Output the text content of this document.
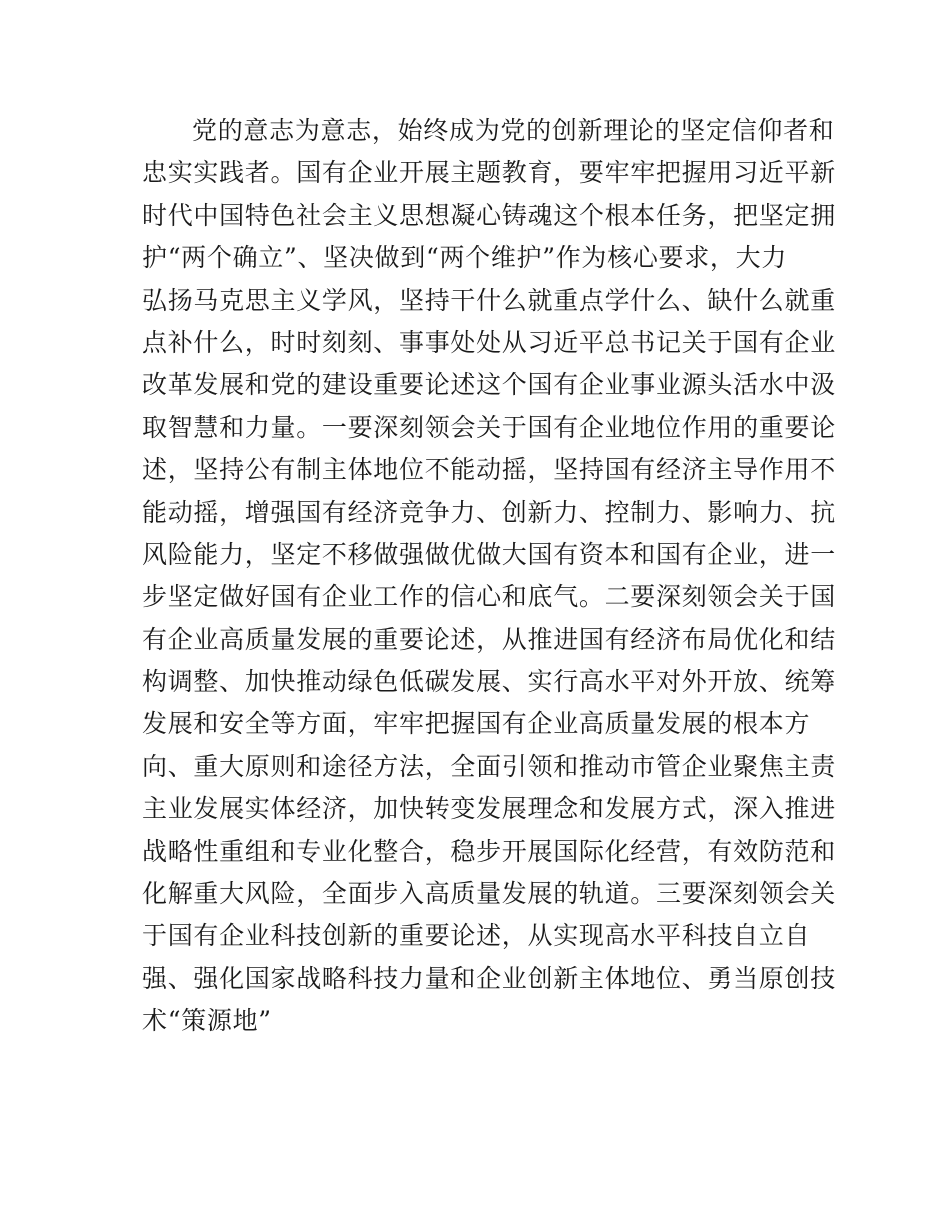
党的意志为意志，始终成为党的创新理论的坚定信仰者和
忠实实践者。国有企业开展主题教育，要牢牢把握用习近平新
时代中国特色社会主义思想凝心铸魂这个根本任务，把坚定拥
护“两个确立”、坚决做到“两个维护”作为核心要求，大力
弘扬马克思主义学风，坚持干什么就重点学什么、缺什么就重
点补什么，时时刻刻、事事处处从习近平总书记关于国有企业
改革发展和党的建设重要论述这个国有企业事业源头活水中汲
取智慧和力量。一要深刻领会关于国有企业地位作用的重要论
述，坚持公有制主体地位不能动摇，坚持国有经济主导作用不
能动摇，增强国有经济竞争力、创新力、控制力、影响力、抗
风险能力，坚定不移做强做优做大国有资本和国有企业，进一
步坚定做好国有企业工作的信心和底气。二要深刻领会关于国
有企业高质量发展的重要论述，从推进国有经济布局优化和结
构调整、加快推动绿色低碳发展、实行高水平对外开放、统筹
发展和安全等方面，牢牢把握国有企业高质量发展的根本方
向、重大原则和途径方法，全面引领和推动市管企业聚焦主责
主业发展实体经济，加快转变发展理念和发展方式，深入推进
战略性重组和专业化整合，稳步开展国际化经营，有效防范和
化解重大风险，全面步入高质量发展的轨道。三要深刻领会关
于国有企业科技创新的重要论述，从实现高水平科技自立自
强、强化国家战略科技力量和企业创新主体地位、勇当原创技
术“策源地”
